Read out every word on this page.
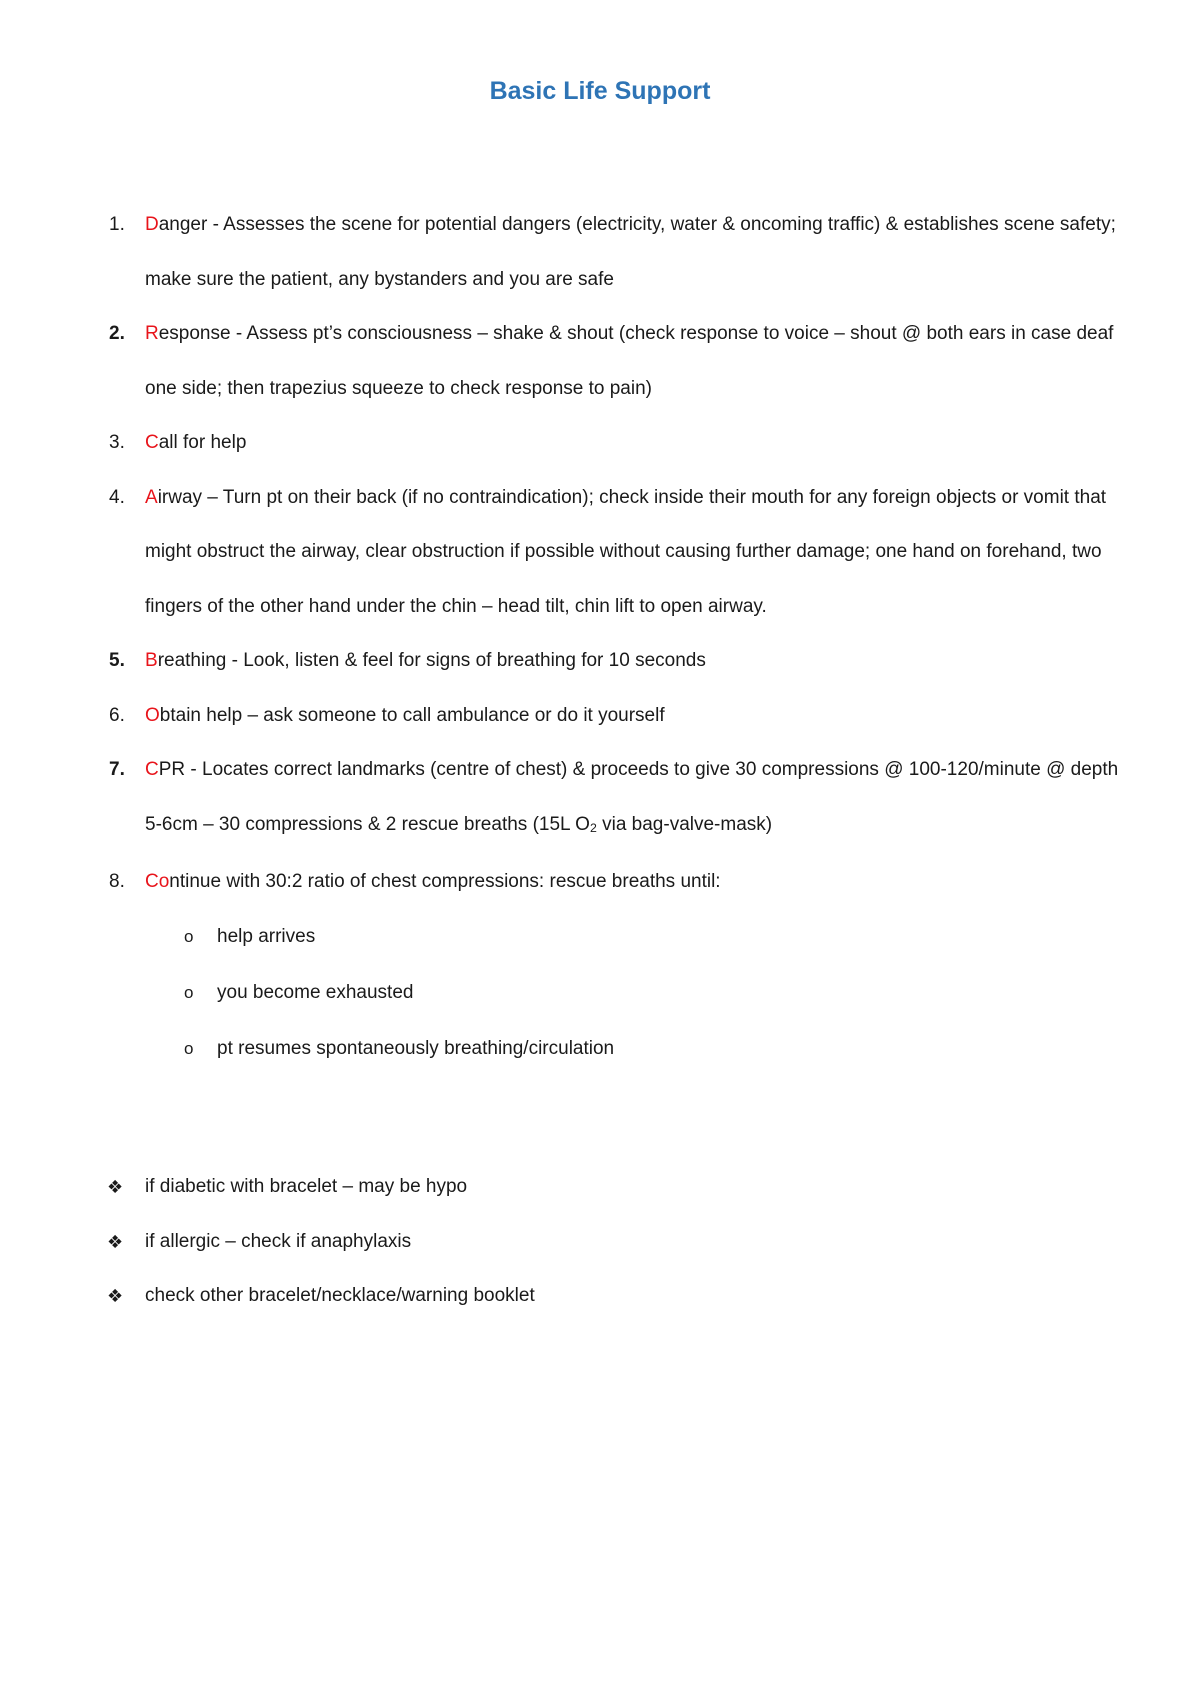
Basic Life Support
1. Danger - Assesses the scene for potential dangers (electricity, water & oncoming traffic) & establishes scene safety; make sure the patient, any bystanders and you are safe
2. Response - Assess pt’s consciousness – shake & shout (check response to voice – shout @ both ears in case deaf one side; then trapezius squeeze to check response to pain)
3. Call for help
4. Airway – Turn pt on their back (if no contraindication); check inside their mouth for any foreign objects or vomit that might obstruct the airway, clear obstruction if possible without causing further damage; one hand on forehand, two fingers of the other hand under the chin – head tilt, chin lift to open airway.
5. Breathing - Look, listen & feel for signs of breathing for 10 seconds
6. Obtain help – ask someone to call ambulance or do it yourself
7. CPR - Locates correct landmarks (centre of chest) & proceeds to give 30 compressions @ 100-120/minute @ depth 5-6cm – 30 compressions & 2 rescue breaths (15L O2 via bag-valve-mask)
8. Continue with 30:2 ratio of chest compressions: rescue breaths until:
o help arrives
o you become exhausted
o pt resumes spontaneously breathing/circulation
❖ if diabetic with bracelet – may be hypo
❖ if allergic – check if anaphylaxis
❖ check other bracelet/necklace/warning booklet
